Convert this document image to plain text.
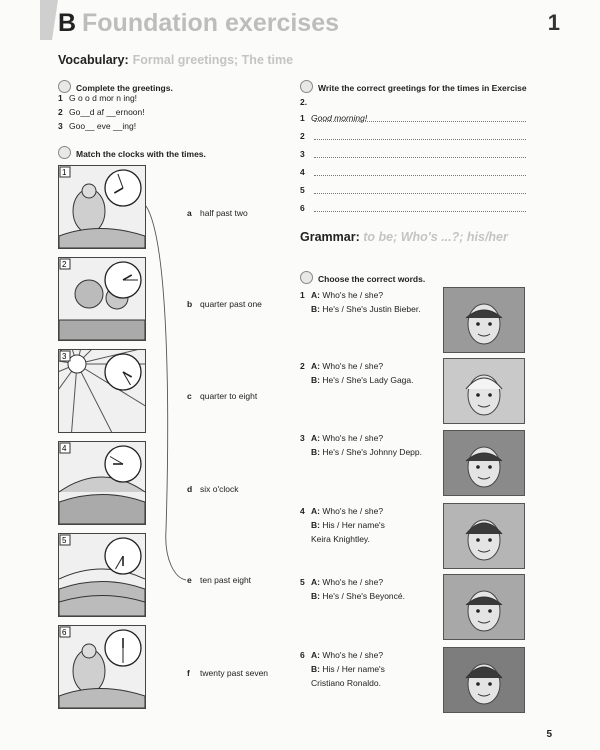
B Foundation exercises	1
Vocabulary: Formal greetings; The time
Complete the greetings.
1 G o o d mor n ing!
2 Go__d af __ernoon!
3 Goo__ eve __ing!
Match the clocks with the times.
1
2
3
4
5
6
a half past two
b quarter past one
c quarter to eight
d six o'clock
e ten past eight
f twenty past seven
Write the correct greetings for the times in Exercise 2.
1 Good morning!
2
3
4
5
6
Grammar: to be; Who's ...?; his/her
Choose the correct words.
1 A: Who's he / she?
B: He's / She's Justin Bieber.

2 A: Who's he / she?
B: He's / She's Lady Gaga.

3 A: Who's he / she?
B: He's / She's Johnny Depp.

4 A: Who's he / she?
B: His / Her name's
Keira Knightley.
5 A: Who's he / she?
B: He's / She's Beyoncé.

6 A: Who's he / she?
B: His / Her name's
Cristiano Ronaldo.
5
